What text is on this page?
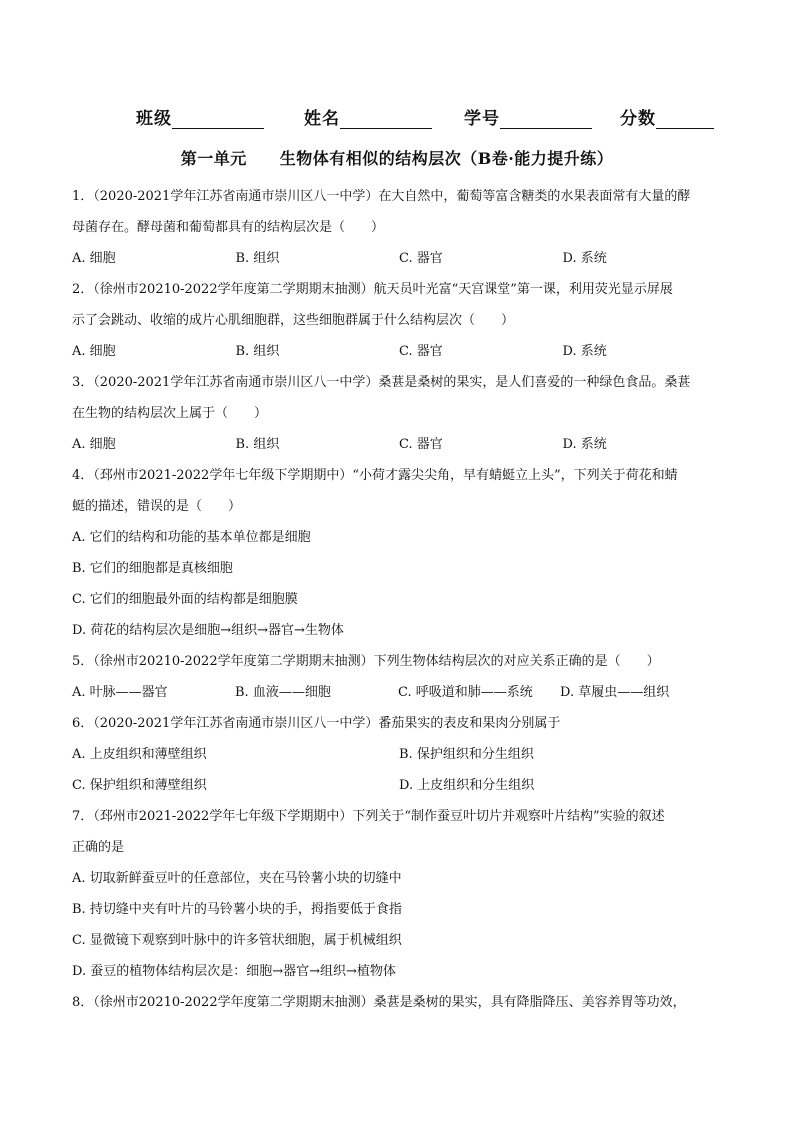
班级	姓名	学号	分数
第一单元　　生物体有相似的结构层次（B卷·能力提升练）
1．（2020-2021学年江苏省南通市崇川区八一中学）在大自然中，葡萄等富含糖类的水果表面常有大量的酵
母菌存在。酵母菌和葡萄都具有的结构层次是（　　）
A. 细胞	B. 组织	C. 器官	D. 系统
2．（徐州市20210-2022学年度第二学期期末抽测）航天员叶光富“天宫课堂”第一课，利用荧光显示屏展
示了会跳动、收缩的成片心肌细胞群，这些细胞群属于什么结构层次（　　）
A. 细胞	B. 组织	C. 器官	D. 系统
3．（2020-2021学年江苏省南通市崇川区八一中学）桑葚是桑树的果实，是人们喜爱的一种绿色食品。桑葚
在生物的结构层次上属于（　　）
A. 细胞	B. 组织	C. 器官	D. 系统
4．（邳州市2021-2022学年七年级下学期期中）“小荷才露尖尖角，早有蜻蜓立上头”，下列关于荷花和蜻
蜓的描述，错误的是（　　）
A. 它们的结构和功能的基本单位都是细胞
B. 它们的细胞都是真核细胞
C. 它们的细胞最外面的结构都是细胞膜
D. 荷花的结构层次是细胞→组织→器官→生物体
5．（徐州市20210-2022学年度第二学期期末抽测）下列生物体结构层次的对应关系正确的是（　　）
A. 叶脉——器官	B. 血液——细胞	C. 呼吸道和肺——系统 D. 草履虫——组织
6．（2020-2021学年江苏省南通市崇川区八一中学）番茄果实的表皮和果肉分别属于
A. 上皮组织和薄壁组织	B. 保护组织和分生组织
C. 保护组织和薄壁组织	D. 上皮组织和分生组织
7．（邳州市2021-2022学年七年级下学期期中）下列关于“制作蚕豆叶切片并观察叶片结构”实验的叙述
正确的是
A. 切取新鲜蚕豆叶的任意部位，夹在马铃薯小块的切缝中
B. 持切缝中夹有叶片的马铃薯小块的手，拇指要低于食指
C. 显微镜下观察到叶脉中的许多管状细胞，属于机械组织
D. 蚕豆的植物体结构层次是：细胞→器官→组织→植物体
8．（徐州市20210-2022学年度第二学期期末抽测）桑葚是桑树的果实，具有降脂降压、美容养胃等功效，
